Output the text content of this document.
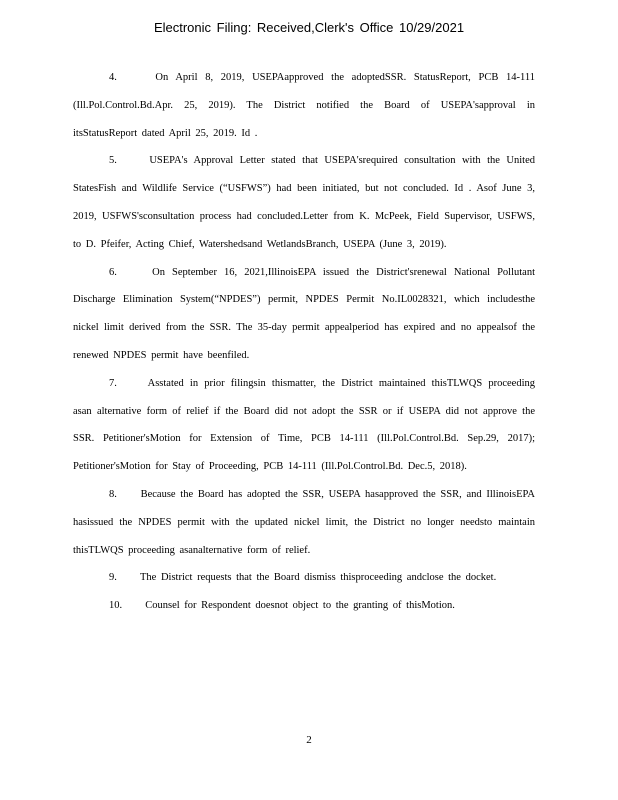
Electronic Filing: Received,Clerk's Office 10/29/2021

4.	On April 8, 2019, USEPAapproved the adoptedSSR. StatusReport, PCB 14-111 (Ill.Pol.Control.Bd.Apr. 25, 2019). The District notified the Board of USEPA'sapproval in itsStatusReport dated April 25, 2019. Id .

5.	USEPA's Approval Letter stated that USEPA'srequired consultation with the United StatesFish and Wildlife Service (“USFWS”) had been initiated, but not concluded. Id . Asof June 3, 2019, USFWS'sconsultation process had concluded.Letter from K. McPeek, Field Supervisor, USFWS, to D. Pfeifer, Acting Chief, Watershedsand WetlandsBranch, USEPA (June 3, 2019).

6.	On September 16, 2021,IllinoisEPA issued the District'srenewal National Pollutant Discharge Elimination System(“NPDES”) permit, NPDES Permit No.IL0028321, which includesthe nickel limit derived from the SSR. The 35-day permit appealperiod has expired and no appealsof the renewed NPDES permit have beenfiled.

7.	Asstated in prior filingsin thismatter, the District maintained thisTLWQS proceeding asan alternative form of relief if the Board did not adopt the SSR or if USEPA did not approve the SSR. Petitioner'sMotion for Extension of Time, PCB 14-111 (Ill.Pol.Control.Bd. Sep.29, 2017); Petitioner'sMotion for Stay of Proceeding, PCB 14-111 (Ill.Pol.Control.Bd. Dec.5, 2018).

8. Because the Board has adopted the SSR, USEPA hasapproved the SSR, and IllinoisEPA hasissued the NPDES permit with the updated nickel limit, the District no longer needsto maintain thisTLWQS proceeding asanalternative form of relief.

9. The District requests that the Board dismiss thisproceeding andclose the docket.

10. Counsel for Respondent doesnot object to the granting of thisMotion.

2
